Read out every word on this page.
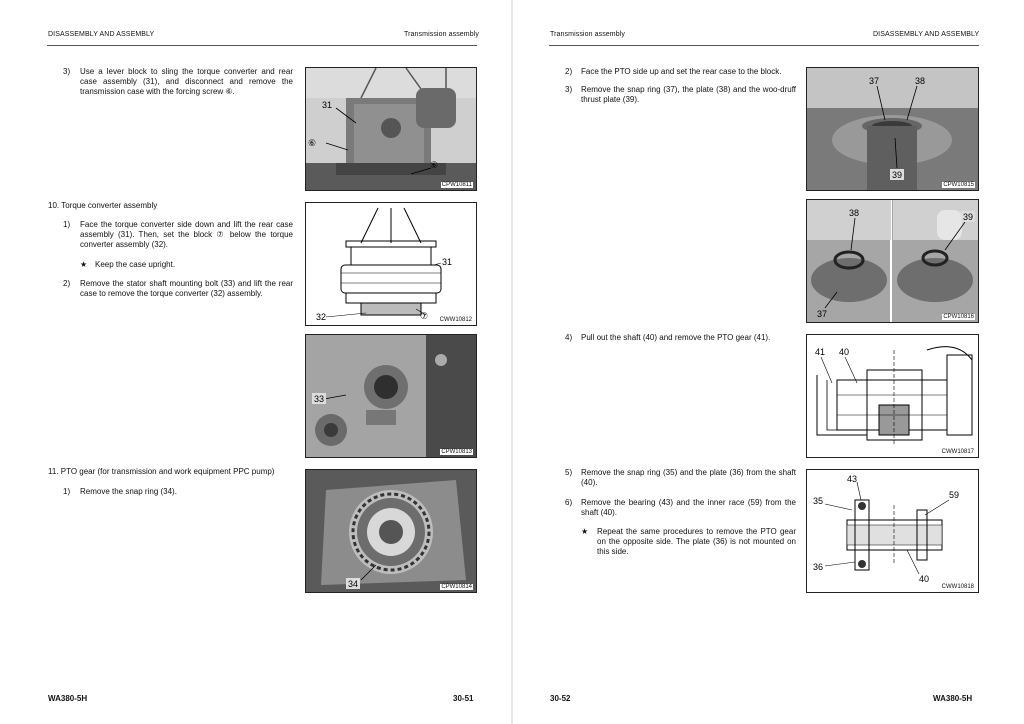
DISASSEMBLY AND ASSEMBLY	Transmission assembly
3) Use a lever block to sling the torque converter and rear case assembly (31), and disconnect and remove the transmission case with the forcing screw ⑥.
31
⑥
⑥
CPW10811
10. Torque converter assembly
1) Face the torque converter side down and lift the rear case assembly (31). Then, set the block ⑦ below the torque converter assembly (32).
★ Keep the case upright.
2) Remove the stator shaft mounting bolt (33) and lift the rear case to remove the torque converter (32) assembly.
31
32	⑦ CWW10812
33
CPW10813
11. PTO gear (for transmission and work equipment PPC pump)
1) Remove the snap ring (34).
34	CPW10814
WA380-5H	30-51
Transmission assembly	DISASSEMBLY AND ASSEMBLY
2) Face the PTO side up and set the rear case to the block.
3) Remove the snap ring (37), the plate (38) and the woo-druff thrust plate (39).
37	38
39
CPW10815
38	39
37	CPW10816
4) Pull out the shaft (40) and remove the PTO gear (41).
41 40
CWW10817
5) Remove the snap ring (35) and the plate (36) from the shaft (40).
6) Remove the bearing (43) and the inner race (59) from the shaft (40).
★ Repeat the same procedures to remove the PTO gear on the opposite side. The plate (36) is not mounted on this side.
43
35
59
36
40
CWW10818
30-52	WA380-5H
